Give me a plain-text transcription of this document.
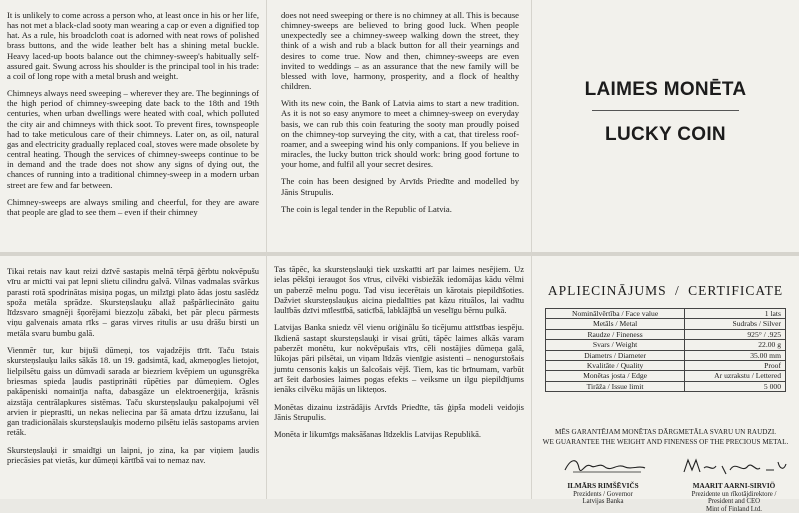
It is unlikely to come across a person who, at least once in his or her life, has not met a black-clad sooty man wearing a cap or even a dignified top hat. As a rule, his broadcloth coat is adorned with neat rows of polished brass buttons, and the wide leather belt has a shining metal buckle. Heavy laced-up boots balance out the chimney-sweep's habitually self-assured gait. Swung across his shoulder is the principal tool in his trade: a coil of long rope with a metal brush and weight.

Chimneys always need sweeping – wherever they are. The beginnings of the high period of chimney-sweeping date back to the 18th and 19th centuries, when urban dwellings were heated with coal, which polluted the city air and chimneys with thick soot. To prevent fires, townspeople had to take meticulous care of their chimneys. Later on, as oil, natural gas and electricity gradually replaced coal, stoves were made obsolete by central heating. Though the services of chimney-sweeps continue to be in demand and the trade does not show any signs of dying out, the chances of running into a traditional chimney-sweep in a modern urban street are few and far between.

Chimney-sweeps are always smiling and cheerful, for they are aware that people are glad to see them – even if their chimney

does not need sweeping or there is no chimney at all. This is because chimney-sweeps are believed to bring good luck. When people unexpectedly see a chimney-sweep walking down the street, they think of a wish and rub a black button for all their yearnings and desires to come true. Now and then, chimney-sweeps are even invited to weddings – as an assurance that the new family will be blessed with love, harmony, prosperity, and a flock of healthy children.

With its new coin, the Bank of Latvia aims to start a new tradition. As it is not so easy anymore to meet a chimney-sweep on everyday basis, we can rub this coin featuring the sooty man proudly poised on the chimney-top surveying the city, with a cat, that tireless roof-roamer, and a sweeping wind his only companions. If you believe in miracles, the lucky button trick should work: bring good fortune to your home, and fulfil all your secret desires.

The coin has been designed by Arvīds Priedīte and modelled by Jānis Strupulis.

The coin is legal tender in the Republic of Latvia.

LAIMES MONĒTA
LUCKY COIN

Tikai retais nav kaut reizi dzīvē sastapis melnā tērpā ģērbtu nokvēpušu vīru ar micīti vai pat lepni slietu cilindru galvā. Vilnas vadmalas svārkus parasti rotā spodrinātas misiņa pogas, un milzīgi plato ādas jostu saslēdz spoža metāla sprādze. Skursteņslauķu allaž pašpārliecināto gaitu līdzsvaro smagnēji šņorējami biezzoļu zābaki, bet pār plecu pārmests viņu galvenais amata rīks – garas virves ritulis ar usu drāšu birsti un metāla svaru bumbu galā.

Vienmēr tur, kur bijuši dūmeņi, tos vajadzējis tīrīt. Taču īstais skursteņslauķu laiks sākās 18. un 19. gadsimtā, kad, akmeņogles lietojot, lielpilsētu gaiss un dūmvadi sarada ar biezriem kvēpiem un ugunsgrēka briesmas spieda ļaudis pastiprināti rūpēties par dūmeņiem. Ogles pakāpeniski nomainīja nafta, dabasgāze un elektroenerģija, krāsnis aizstāja centrālapkures sistēmas. Taču skursteņslauķu pakalpojumi vēl arvien ir pieprasīti, un nekas neliecina par šā amata drīzu izzušanu, lai gan tradicionālais skursteņslauķis moderno pilsētu ielās sastopams arvien retāk.

Skursteņslauķi ir smaidīgi un laipni, jo zina, ka par viņiem ļaudis priecāsies pat vietās, kur dūmeņi kārtībā vai to nemaz nav.

Tas tāpēc, ka skursteņslauķi tiek uzskatīti arī par laimes nesējiem. Uz ielas pēkšņi ieraugot šos vīrus, cilvēki visbiežāk iedomājas kādu vēlmi un paberzē melnu pogu. Tad visu iecerētais un kārotais piepildīšoties. Dažviet skursteņslauķus aicina piedalīties pat kāzu rituālos, lai vadītu laulībās dzīvi mīlestībā, saticībā, labklājībā un veselīgu bērnu pulkā.

Latvijas Banka sniedz vēl vienu oriģinālu šo ticējumu attīstības iespēju. Ikdienā sastapt skursteņslauķi ir visai grūti, tāpēc laimes alkās varam paberzēt monētu, kur nokvēpušais vīrs, cēli nostājies dūmeņa galā, lūkojas pāri pilsētai, un viņam līdzās vienīgie asistenti – nenogurstošais jumtu censonis kaķis un šalcošais vējš. Tiem, kas tic brīnumam, varbūt arī šeit darbosies laimes pogas efekts – veiksme un ilgu piepildījums ienāks cilvēku mājās un likteņos.

Monētas dizainu izstrādājis Arvīds Priedīte, tās ģipša modeli veidojis Jānis Strupulis.

Monēta ir likumīgs maksāšanas līdzeklis Latvijas Republikā.

APLIECINĀJUMS / CERTIFICATE
Nominālvērtība / Face value	1 lats
Metāls / Metal	Sudrabs / Silver
Raudze / Fineness	925° / .925
Svars / Weight	22.00 g
Diametrs / Diameter	35.00 mm
Kvalitāte / Quality	Proof
Monētas josta / Edge	Ar uzrakstu / Lettered
Tirāža / Issue limit	5 000
MĒS GARANTĒJAM MONĒTAS DĀRGMETĀLA SVARU UN RAUDZI.
WE GUARANTEE THE WEIGHT AND FINENESS OF THE PRECIOUS METAL.
ILMĀRS RIMŠĒVIČS
Prezidents / Governor
Latvijas Banka
MAARIT AARNI-SIRVIÖ
Prezidente un rīkotājdirektore /
President and CEO
Mint of Finland Ltd.
